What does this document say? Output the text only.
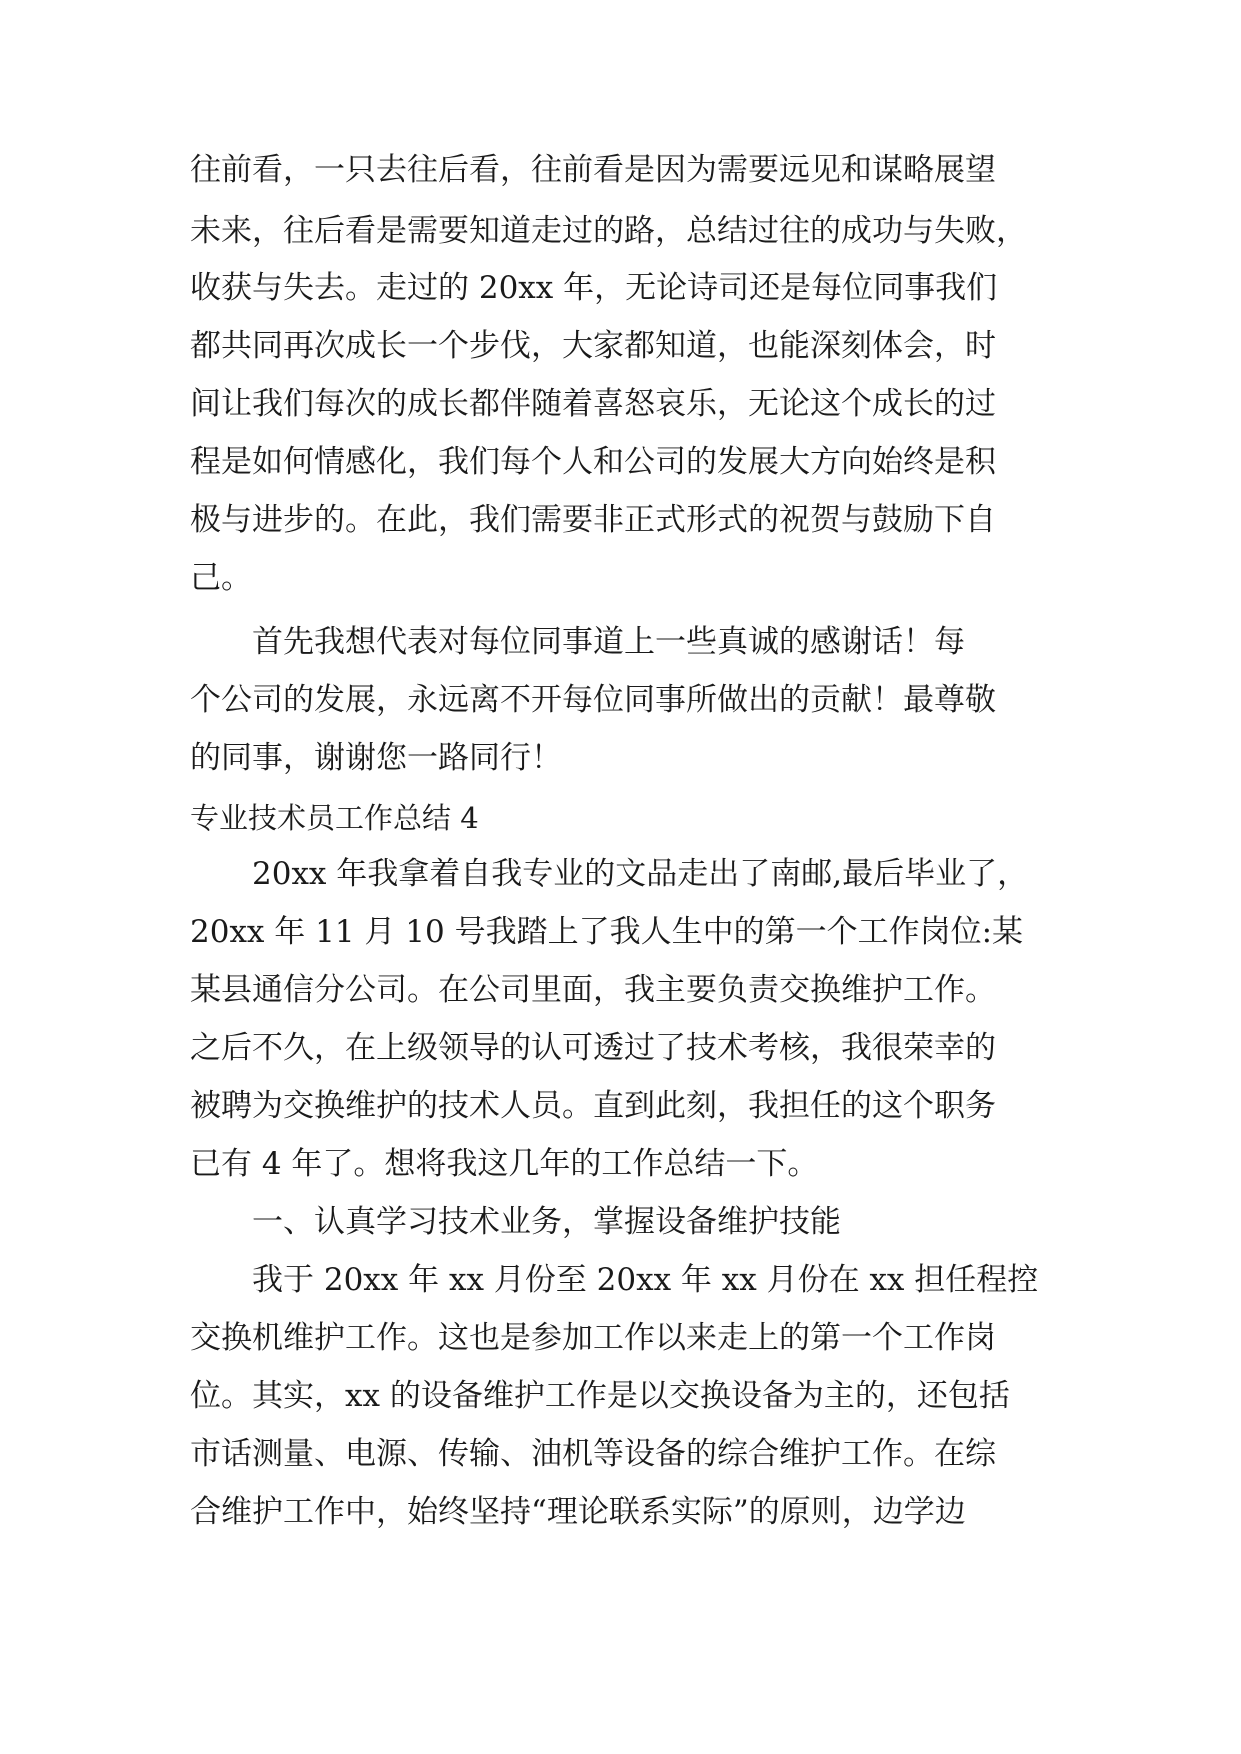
往前看，一只去往后看，往前看是因为需要远见和谋略展望
未来，往后看是需要知道走过的路，总结过往的成功与失败，
收获与失去。走过的 20xx 年，无论诗司还是每位同事我们
都共同再次成长一个步伐，大家都知道，也能深刻体会，时
间让我们每次的成长都伴随着喜怒哀乐，无论这个成长的过
程是如何情感化，我们每个人和公司的发展大方向始终是积
极与进步的。在此，我们需要非正式形式的祝贺与鼓励下自
己。
首先我想代表对每位同事道上一些真诚的感谢话！每
个公司的发展，永远离不开每位同事所做出的贡献！最尊敬
的同事，谢谢您一路同行！
专业技术员工作总结 4
20xx 年我拿着自我专业的文品走出了南邮,最后毕业了，
20xx 年 11 月 10 号我踏上了我人生中的第一个工作岗位:某
某县通信分公司。在公司里面，我主要负责交换维护工作。
之后不久，在上级领导的认可透过了技术考核，我很荣幸的
被聘为交换维护的技术人员。直到此刻，我担任的这个职务
已有 4 年了。想将我这几年的工作总结一下。
一、认真学习技术业务，掌握设备维护技能
我于 20xx 年 xx 月份至 20xx 年 xx 月份在 xx 担任程控
交换机维护工作。这也是参加工作以来走上的第一个工作岗
位。其实，xx 的设备维护工作是以交换设备为主的，还包括
市话测量、电源、传输、油机等设备的综合维护工作。在综
合维护工作中，始终坚持“理论联系实际”的原则，边学边
